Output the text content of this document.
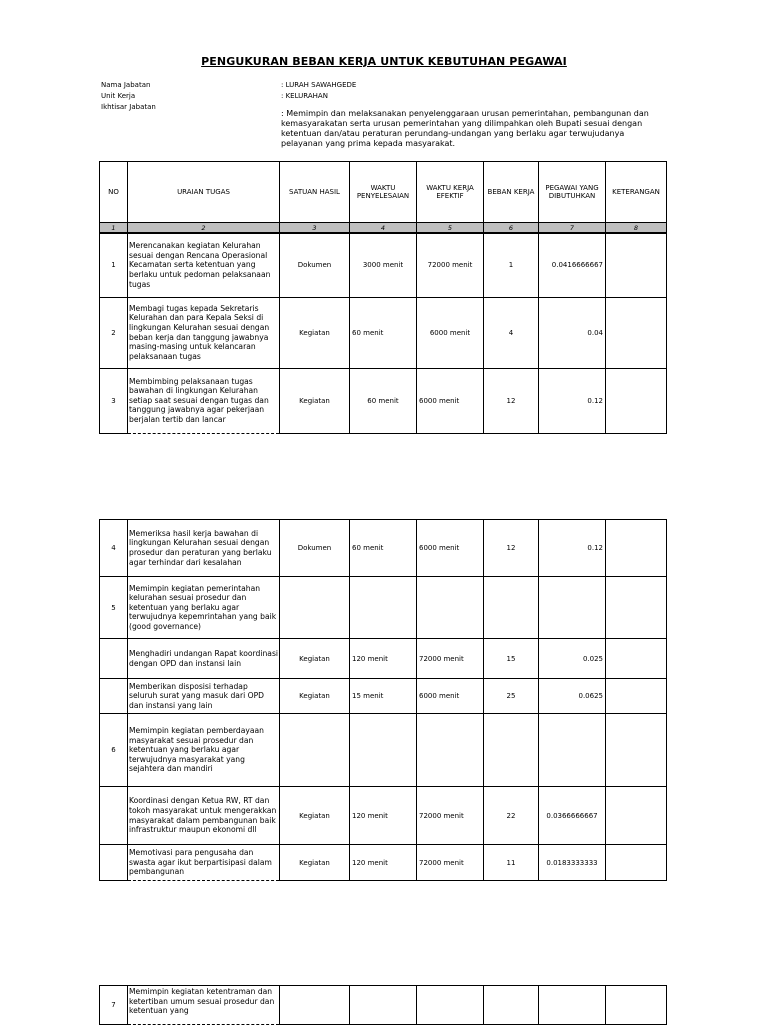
PENGUKURAN BEBAN KERJA UNTUK KEBUTUHAN PEGAWAI
Nama Jabatan	: LURAH SAWAHGEDE
Unit Kerja	: KELURAHAN
Ikhtisar Jabatan
: Memimpin dan melaksanakan penyelenggaraan urusan pemerintahan, pembangunan dan kemasyarakatan serta urusan pemerintahan yang dilimpahkan oleh Bupati sesuai dengan ketentuan dan/atau peraturan perundang-undangan yang berlaku agar terwujudanya pelayanan yang prima kepada masyarakat.
NO	URAIAN TUGAS	SATUAN HASIL	WAKTU PENYELESAIAN	WAKTU KERJA EFEKTIF	BEBAN KERJA	PEGAWAI YANG DIBUTUHKAN	KETERANGAN
1	2	3	4	5	6	7	8
1	Merencanakan kegiatan Kelurahan sesuai dengan Rencana Operasional Kecamatan serta ketentuan yang berlaku untuk pedoman pelaksanaan tugas	Dokumen	3000 menit	72000 menit	1	0.0416666667	
2	Membagi tugas kepada Sekretaris Kelurahan dan para Kepala Seksi di lingkungan Kelurahan sesuai dengan beban kerja dan tanggung jawabnya masing-masing untuk kelancaran pelaksanaan tugas	Kegiatan	60 menit	6000 menit	4	0.04	
3	Membimbing pelaksanaan tugas bawahan di lingkungan Kelurahan setiap saat sesuai dengan tugas dan tanggung jawabnya agar pekerjaan berjalan tertib dan lancar	Kegiatan	60 menit	6000 menit	12	0.12	
4	Memeriksa hasil kerja bawahan di lingkungan Kelurahan sesuai dengan prosedur dan peraturan yang berlaku agar terhindar dari kesalahan	Dokumen	60 menit	6000 menit	12	0.12	
5	Memimpin kegiatan pemerintahan kelurahan sesuai prosedur dan ketentuan yang berlaku agar terwujudnya kepemrintahan yang baik (good governance)						
	Menghadiri undangan Rapat koordinasi dengan OPD dan instansi lain	Kegiatan	120 menit	72000 menit	15	0.025	
	Memberikan disposisi terhadap seluruh surat yang masuk dari OPD dan instansi yang lain	Kegiatan	15 menit	6000 menit	25	0.0625	
6	Memimpin kegiatan pemberdayaan masyarakat sesuai prosedur dan ketentuan yang berlaku agar terwujudnya masyarakat yang sejahtera dan mandiri						
	Koordinasi dengan Ketua RW, RT dan tokoh masyarakat untuk mengerakkan masyarakat dalam pembangunan baik infrastruktur maupun ekonomi dll	Kegiatan	120 menit	72000 menit	22	0.0366666667	
	Memotivasi para pengusaha dan swasta agar ikut berpartisipasi dalam pembangunan	Kegiatan	120 menit	72000 menit	11	0.0183333333	
7	Memimpin kegiatan ketentraman dan ketertiban umum sesuai prosedur dan ketentuan yang						
